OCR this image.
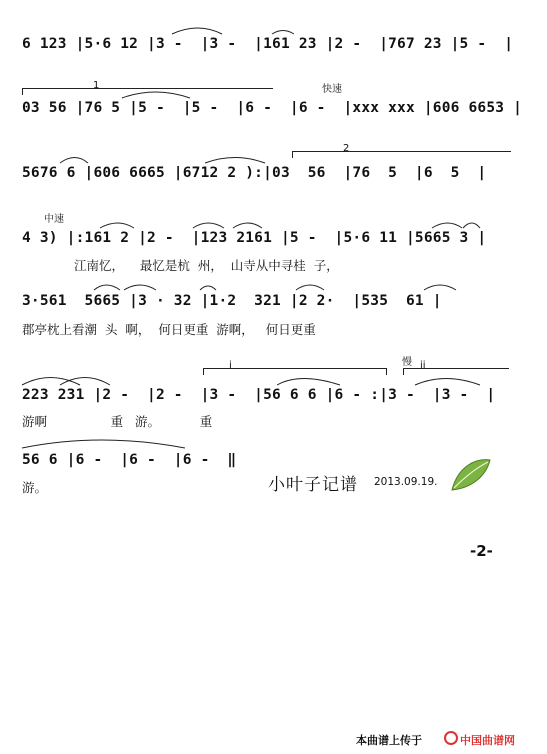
1	快速
2
中速
i	慢 ii
6 123 |5·6 12 |3 -  |3 -  |161 23 |2 -  |767 23 |5 -  |
03 56 |76 5 |5 -  |5 -  |6 -  |6 -  |xxx xxx |606 6653 |
5676 6 |606 6665 |6712 2 ):|03  56  |76  5  |6  5  |
4 3) |:161 2 |2 -  |123 2161 |5 -  |5·6 11 |5665 3 |
江南忆，    最忆是杭  州，  山寺从中寻桂  子，
3·561  5665 |3 · 32 |1·2  321 |2 2·  |535  61 |
郡亭枕上看潮  头  啊，  何日更重  游啊，   何日更重
223 231 |2 -  |2 -  |3 -  |56 6 6 |6 - :|3 -  |3 -  |
游啊                重   游。          重
56 6 |6 -  |6 -  |6 -  ‖
游。	小叶子记谱 2013.09.19.
-2-
本曲谱上传于	中国曲谱网
